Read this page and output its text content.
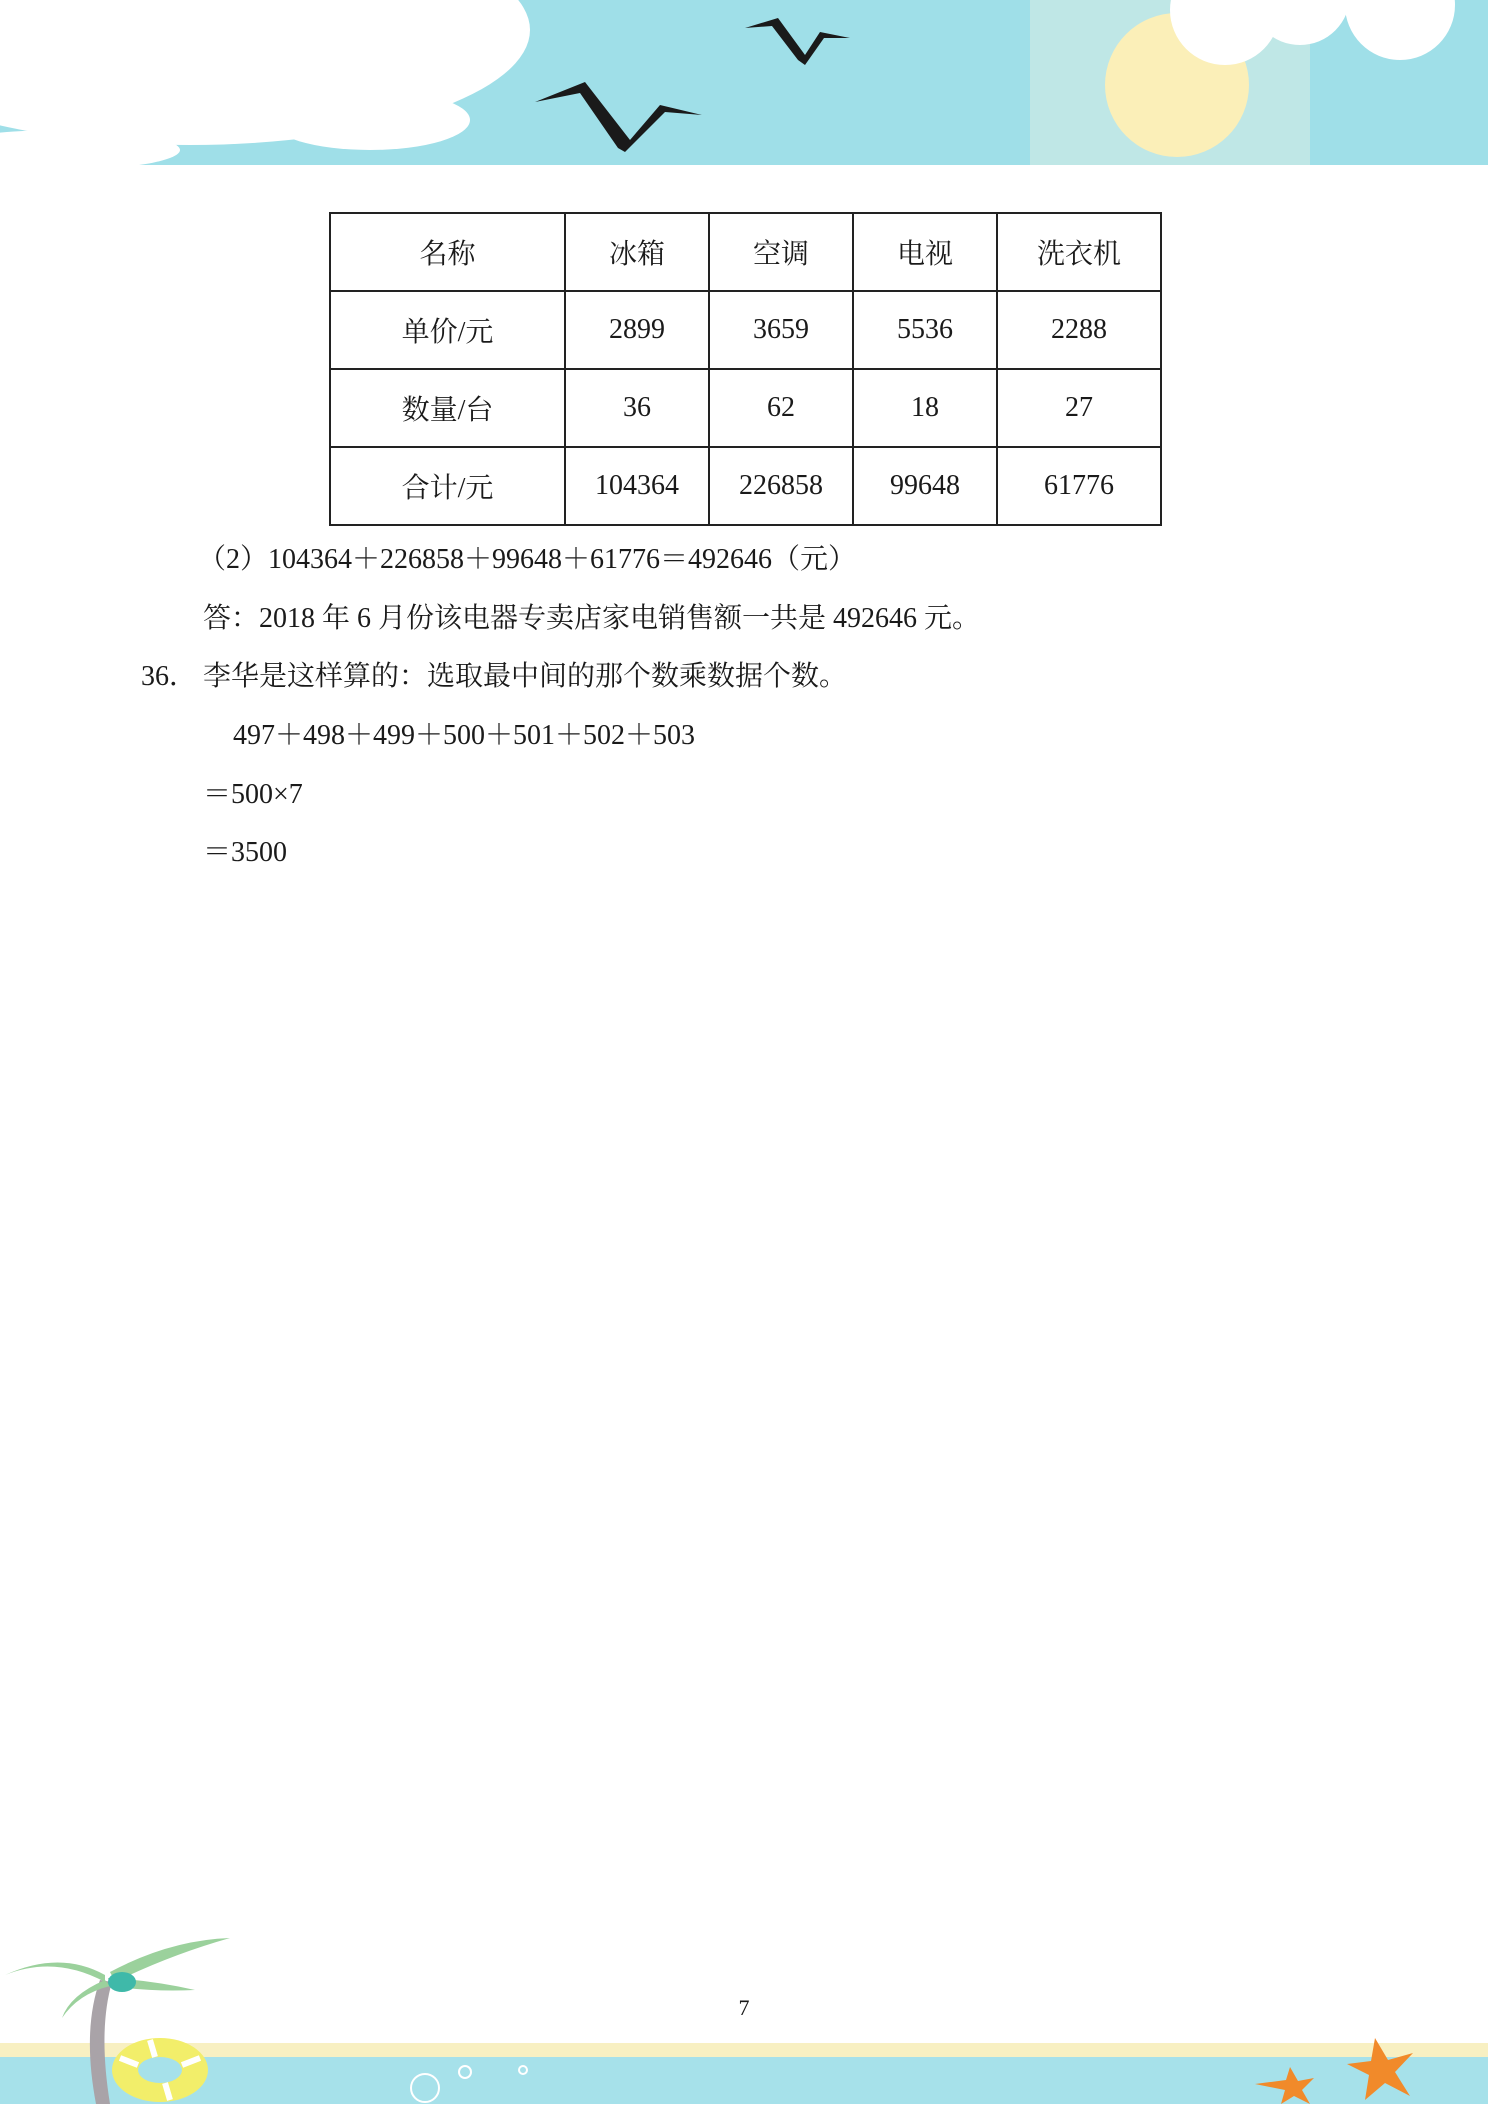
名称	冰箱	空调	电视	洗衣机
单价/元	2899	3659	5536	2288
数量/台	36	62	18	27
合计/元	104364	226858	99648	61776
（2）104364＋226858＋99648＋61776＝492646（元）
答：2018 年 6 月份该电器专卖店家电销售额一共是 492646 元。
36． 李华是这样算的：选取最中间的那个数乘数据个数。
497＋498＋499＋500＋501＋502＋503
＝500×7
＝3500
7
